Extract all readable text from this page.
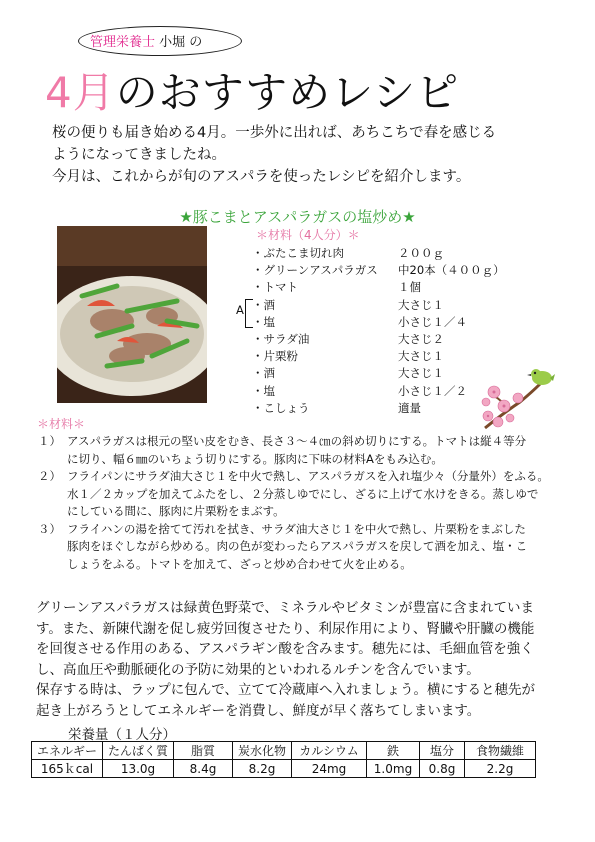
管理栄養士 小堀 の
4月のおすすめレシピ
桜の便りも届き始める4月。一歩外に出れば、あちこちで春を感じる
ようになってきましたね。
今月は、これからが旬のアスパラを使ったレシピを紹介します。
★豚こまとアスパラガスの塩炒め★
＊材料（4人分）＊
・ぶたこま切れ肉	２００ｇ
・グリーンアスパラガス 中20本（４００ｇ）
・トマト	１個
・酒	大さじ１
・塩	小さじ１／４
・サラダ油	大さじ２
・片栗粉	大さじ１
・酒	大さじ１
・塩	小さじ１／２
・こしょう	適量
A
＊材料＊
１） アスパラガスは根元の堅い皮をむき、長さ３～４㎝の斜め切りにする。トマトは縦４等分
に切り、幅６㎜のいちょう切りにする。豚肉に下味の材料Aをもみ込む。
２） フライパンにサラダ油大さじ１を中火で熱し、アスパラガスを入れ塩少々（分量外）をふる。
水１／２カップを加えてふたをし、２分蒸しゆでにし、ざるに上げて水けをきる。蒸しゆで
にしている間に、豚肉に片栗粉をまぶす。
３） フライハンの湯を捨てて汚れを拭き、サラダ油大さじ１を中火で熱し、片栗粉をまぶした
豚肉をほぐしながら炒める。肉の色が変わったらアスパラガスを戻して酒を加え、塩・こ
しょうをふる。トマトを加えて、ざっと炒め合わせて火を止める。
グリーンアスパラガスは緑黄色野菜で、ミネラルやビタミンが豊富に含まれていま
す。また、新陳代謝を促し疲労回復させたり、利尿作用により、腎臓や肝臓の機能
を回復させる作用のある、アスパラギン酸を含みます。穂先には、毛細血管を強く
し、高血圧や動脈硬化の予防に効果的といわれるルチンを含んでいます。
保存する時は、ラップに包んで、立てて冷蔵庫へ入れましょう。横にすると穂先が
起き上がろうとしてエネルギーを消費し、鮮度が早く落ちてしまいます。
栄養量（１人分）
エネルギー	たんぱく質	脂質	炭水化物	カルシウム	鉄	塩分	食物繊維
165ｋcal	13.0g	8.4g	8.2g	24mg	1.0mg	0.8g	2.2g
